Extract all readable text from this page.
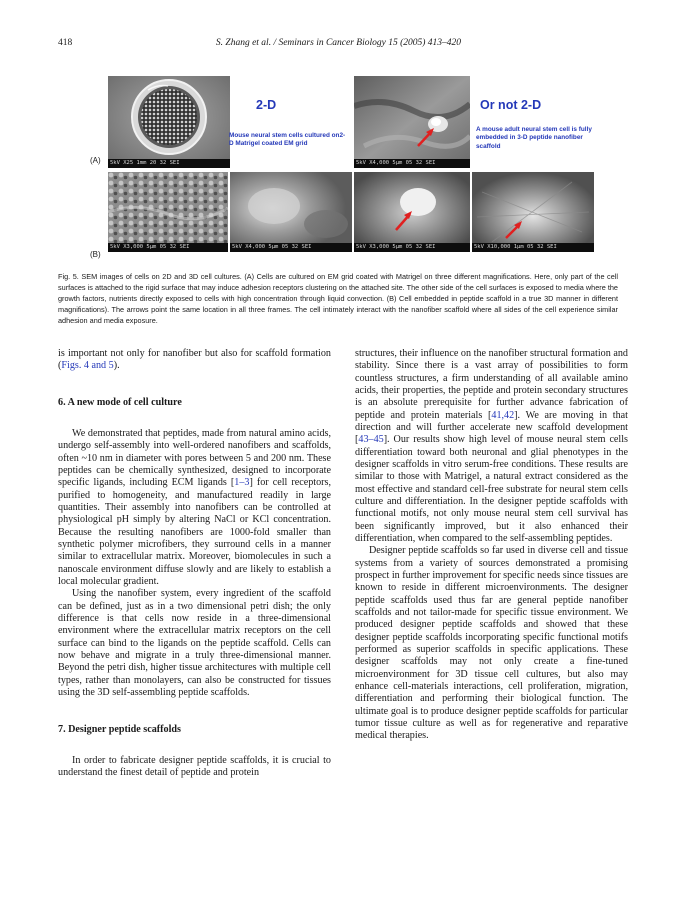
418	S. Zhang et al. / Seminars in Cancer Biology 15 (2005) 413–420
5kV X25 1mm 20 32 SEI
2-D
Mouse neural stem cells cultured on2-D Matrigel coated EM grid
5kV X4,000 5µm 05 32 SEI
Or not 2-D
A mouse adult neural stem cell is fully embedded in 3-D peptide nanofiber scaffold
(A)
5kV X3,000 5µm 05 32 SEI	5kV X4,000 5µm 05 32 SEI	5kV X3,000 5µm 05 32 SEI	5kV X10,000 1µm 05 32 SEI
(B)
Fig. 5. SEM images of cells on 2D and 3D cell cultures. (A) Cells are cultured on EM grid coated with Matrigel on three different magnifications. Here, only part of the cell surfaces is attached to the rigid surface that may induce adhesion receptors clustering on the attached site. The other side of the cell surfaces is exposed to media where the growth factors, nutrients directly exposed to cells with high concentration through liquid convection. (B) Cell embedded in peptide scaffold in a true 3D manner in different magnifications). The arrows point the same location in all three frames. The cell intimately interact with the nanofiber scaffold where all sides of the cell experience similar adhesion and media exposure.

is important not only for nanofiber but also for scaffold formation (Figs. 4 and 5).

6. A new mode of cell culture

We demonstrated that peptides, made from natural amino acids, undergo self-assembly into well-ordered nanofibers and scaffolds, often ~10 nm in diameter with pores between 5 and 200 nm. These peptides can be chemically synthesized, designed to incorporate specific ligands, including ECM ligands [1–3] for cell receptors, purified to homogeneity, and manufactured readily in large quantities. Their assembly into nanofibers can be controlled at physiological pH simply by altering NaCl or KCl concentration. Because the resulting nanofibers are 1000-fold smaller than synthetic polymer microfibers, they surround cells in a manner similar to extracellular matrix. Moreover, biomolecules in such a nanoscale environment diffuse slowly and are likely to establish a local molecular gradient.

Using the nanofiber system, every ingredient of the scaffold can be defined, just as in a two dimensional petri dish; the only difference is that cells now reside in a three-dimensional environment where the extracellular matrix receptors on the cell surface can bind to the ligands on the peptide scaffold. Cells can now behave and migrate in a truly three-dimensional manner. Beyond the petri dish, higher tissue architectures with multiple cell types, rather than monolayers, can also be constructed for tissues using the 3D self-assembling peptide scaffolds.

7. Designer peptide scaffolds

In order to fabricate designer peptide scaffolds, it is crucial to understand the finest detail of peptide and protein

structures, their influence on the nanofiber structural formation and stability. Since there is a vast array of possibilities to form countless structures, a firm understanding of all available amino acids, their properties, the peptide and protein secondary structures is an absolute prerequisite for further advance fabrication of peptide and protein materials [41,42]. We are moving in that direction and will further accelerate new scaffold development [43–45]. Our results show high level of mouse neural stem cells differentiation toward both neuronal and glial phenotypes in the designer scaffolds in vitro serum-free conditions. These results are similar to those with Matrigel, a natural extract considered as the most effective and standard cell-free substrate for neural stem cells culture and differentiation. In the designer peptide scaffolds with functional motifs, not only mouse neural stem cell survival has been significantly improved, but it also enhanced their differentiation, when compared to the self-assembling peptides.

Designer peptide scaffolds so far used in diverse cell and tissue systems from a variety of sources demonstrated a promising prospect in further improvement for specific needs since tissues are known to reside in different microenvironments. The designer peptide scaffolds used thus far are general peptide nanofiber scaffolds and not tailor-made for specific tissue environment. We produced designer peptide scaffolds and showed that these designer peptide scaffolds incorporating specific functional motifs performed as superior scaffolds in specific applications. These designer scaffolds may not only create a fine-tuned microenvironment for 3D tissue cell cultures, but also may enhance cell-materials interactions, cell proliferation, migration, differentiation and performing their biological function. The ultimate goal is to produce designer peptide scaffolds for particular tumor tissue culture as well as for regenerative and reparative medical therapies.
